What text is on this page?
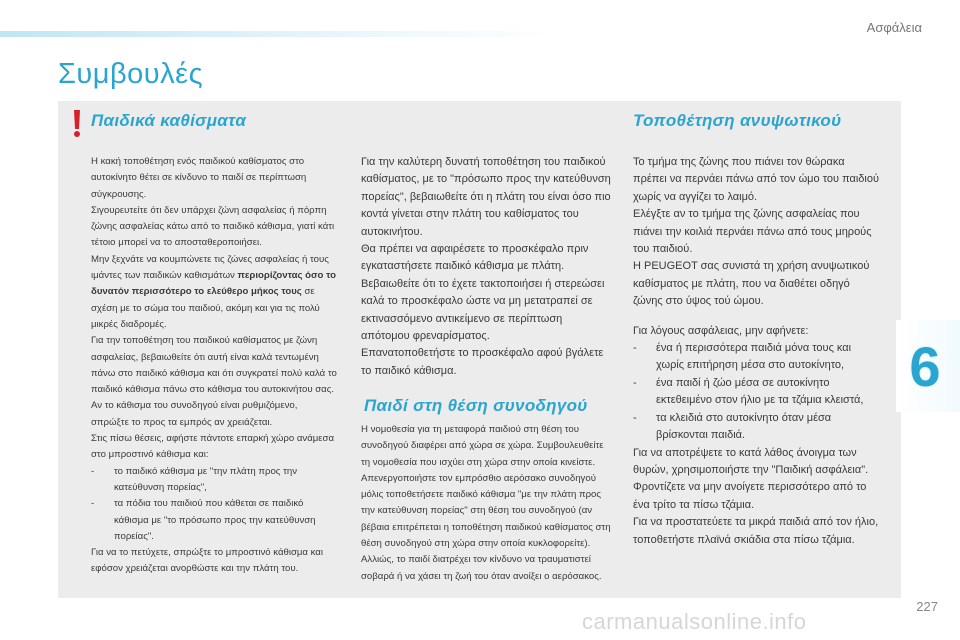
Ασφάλεια
Συμβουλές
Παιδικά καθίσματα	Τοποθέτηση ανυψωτικού

Η κακή τοποθέτηση ενός παιδικού καθίσματος στο αυτοκίνητο θέτει σε κίνδυνο το παιδί σε περίπτωση σύγκρουσης.

Σιγουρευτείτε ότι δεν υπάρχει ζώνη ασφαλείας ή πόρπη ζώνης ασφαλείας κάτω από το παιδικό κάθισμα, γιατί κάτι τέτοιο μπορεί να το αποσταθεροποιήσει.

Μην ξεχνάτε να κουμπώνετε τις ζώνες ασφαλείας ή τους ιμάντες των παιδικών καθισμάτων περιορίζοντας όσο το δυνατόν περισσότερο το ελεύθερο μήκος τους σε σχέση με το σώμα του παιδιού, ακόμη και για τις πολύ μικρές διαδρομές.

Για την τοποθέτηση του παιδικού καθίσματος με ζώνη ασφαλείας, βεβαιωθείτε ότι αυτή είναι καλά τεντωμένη πάνω στο παιδικό κάθισμα και ότι συγκρατεί πολύ καλά το παιδικό κάθισμα πάνω στο κάθισμα του αυτοκινήτου σας. Αν το κάθισμα του συνοδηγού είναι ρυθμιζόμενο, σπρώξτε το προς τα εμπρός αν χρειάζεται.

Στις πίσω θέσεις, αφήστε πάντοτε επαρκή χώρο ανάμεσα στο μπροστινό κάθισμα και:

- το παιδικό κάθισμα με "την πλάτη προς την κατεύθυνση πορείας",
- τα πόδια του παιδιού που κάθεται σε παιδικό κάθισμα με "το πρόσωπο προς την κατεύθυνση πορείας".

Για να το πετύχετε, σπρώξτε το μπροστινό κάθισμα και εφόσον χρειάζεται ανορθώστε και την πλάτη του.

Για την καλύτερη δυνατή τοποθέτηση του παιδικού καθίσματος, με το "πρόσωπο προς την κατεύθυνση πορείας", βεβαιωθείτε ότι η πλάτη του είναι όσο πιο κοντά γίνεται στην πλάτη του καθίσματος του αυτοκινήτου.

Θα πρέπει να αφαιρέσετε το προσκέφαλο πριν εγκαταστήσετε παιδικό κάθισμα με πλάτη.

Βεβαιωθείτε ότι το έχετε τακτοποιήσει ή στερεώσει καλά το προσκέφαλο ώστε να μη μετατραπεί σε εκτινασσόμενο αντικείμενο σε περίπτωση απότομου φρεναρίσματος.

Επανατοποθετήστε το προσκέφαλο αφού βγάλετε το παιδικό κάθισμα.

Παιδί στη θέση συνοδηγού

Η νομοθεσία για τη μεταφορά παιδιού στη θέση του συνοδηγού διαφέρει από χώρα σε χώρα. Συμβουλευθείτε τη νομοθεσία που ισχύει στη χώρα στην οποία κινείστε.

Απενεργοποιήστε τον εμπρόσθιο αερόσακο συνοδηγού μόλις τοποθετήσετε παιδικό κάθισμα "με την πλάτη προς την κατεύθυνση πορείας" στη θέση του συνοδηγού (αν βέβαια επιτρέπεται η τοποθέτηση παιδικού καθίσματος στη θέση συνοδηγού στη χώρα στην οποία κυκλοφορείτε).

Αλλιώς, το παιδί διατρέχει τον κίνδυνο να τραυματιστεί σοβαρά ή να χάσει τη ζωή του όταν ανοίξει ο αερόσακος.

Το τμήμα της ζώνης που πιάνει τον θώρακα πρέπει να περνάει πάνω από τον ώμο του παιδιού χωρίς να αγγίζει το λαιμό.

Ελέγξτε αν το τμήμα της ζώνης ασφαλείας που πιάνει την κοιλιά περνάει πάνω από τους μηρούς του παιδιού.

Η PEUGEOT σας συνιστά τη χρήση ανυψωτικού καθίσματος με πλάτη, που να διαθέτει οδηγό ζώνης στο ύψος τού ώμου.

Για λόγους ασφάλειας, μην αφήνετε:

- ένα ή περισσότερα παιδιά μόνα τους και χωρίς επιτήρηση μέσα στο αυτοκίνητο,
- ένα παιδί ή ζώο μέσα σε αυτοκίνητο εκτεθειμένο στον ήλιο με τα τζάμια κλειστά,
- τα κλειδιά στο αυτοκίνητο όταν μέσα βρίσκονται παιδιά.

Για να αποτρέψετε το κατά λάθος άνοιγμα των θυρών, χρησιμοποιήστε την "Παιδική ασφάλεια".

Φροντίζετε να μην ανοίγετε περισσότερο από το ένα τρίτο τα πίσω τζάμια.

Για να προστατεύετε τα μικρά παιδιά από τον ήλιο, τοποθετήστε πλαϊνά σκιάδια στα πίσω τζάμια.

6
227
carmanualsonline.info
